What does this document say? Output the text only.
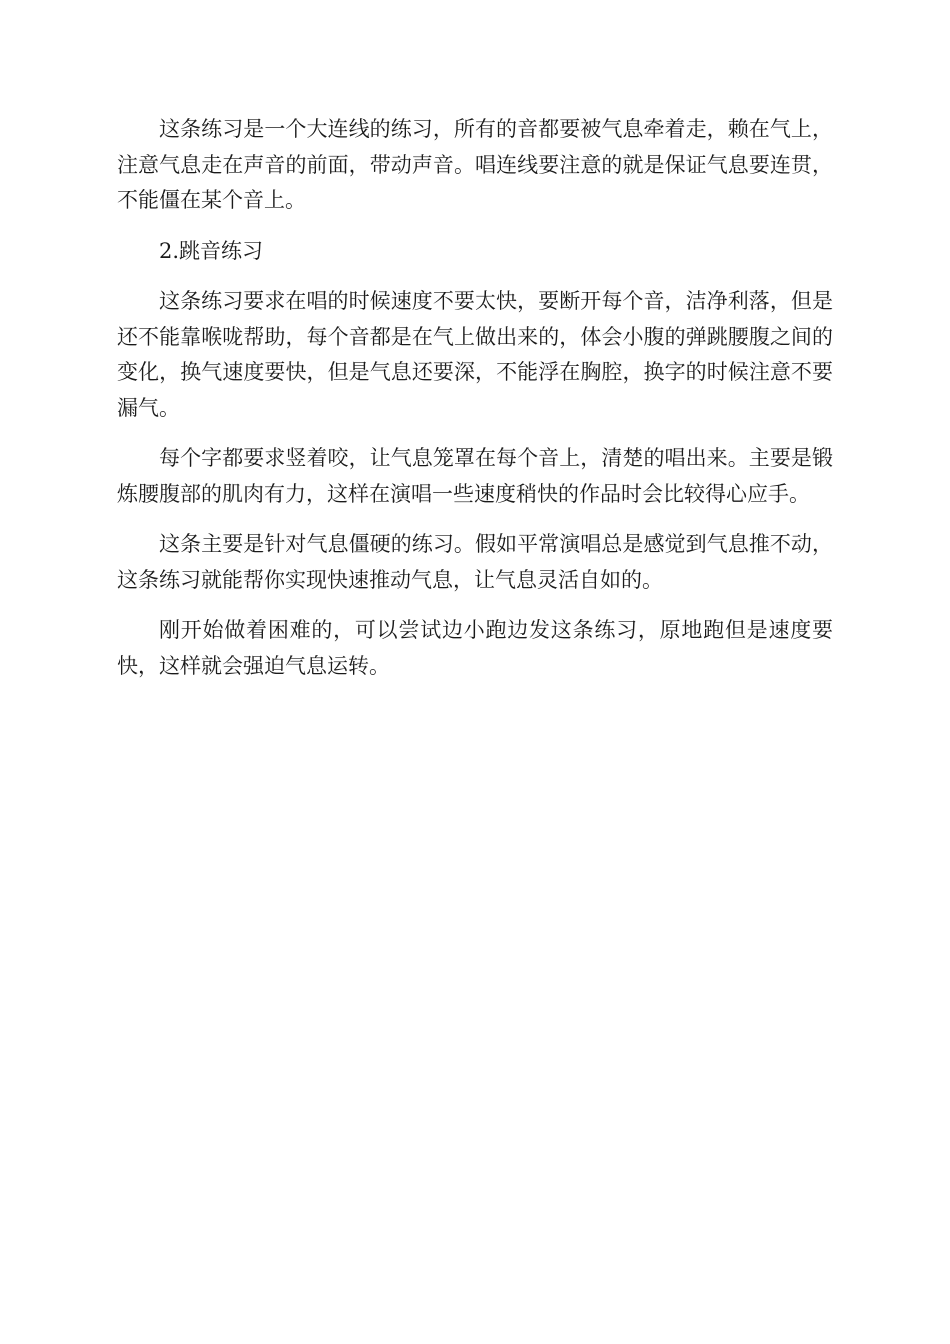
这条练习是一个大连线的练习，所有的音都要被气息牵着走，赖在气上，注意气息走在声音的前面，带动声音。唱连线要注意的就是保证气息要连贯，不能僵在某个音上。

2.跳音练习

这条练习要求在唱的时候速度不要太快，要断开每个音，洁净利落，但是还不能靠喉咙帮助，每个音都是在气上做出来的，体会小腹的弹跳腰腹之间的变化，换气速度要快，但是气息还要深，不能浮在胸腔，换字的时候注意不要漏气。

每个字都要求竖着咬，让气息笼罩在每个音上，清楚的唱出来。主要是锻炼腰腹部的肌肉有力，这样在演唱一些速度稍快的作品时会比较得心应手。

这条主要是针对气息僵硬的练习。假如平常演唱总是感觉到气息推不动，这条练习就能帮你实现快速推动气息，让气息灵活自如的。

刚开始做着困难的，可以尝试边小跑边发这条练习，原地跑但是速度要快，这样就会强迫气息运转。
